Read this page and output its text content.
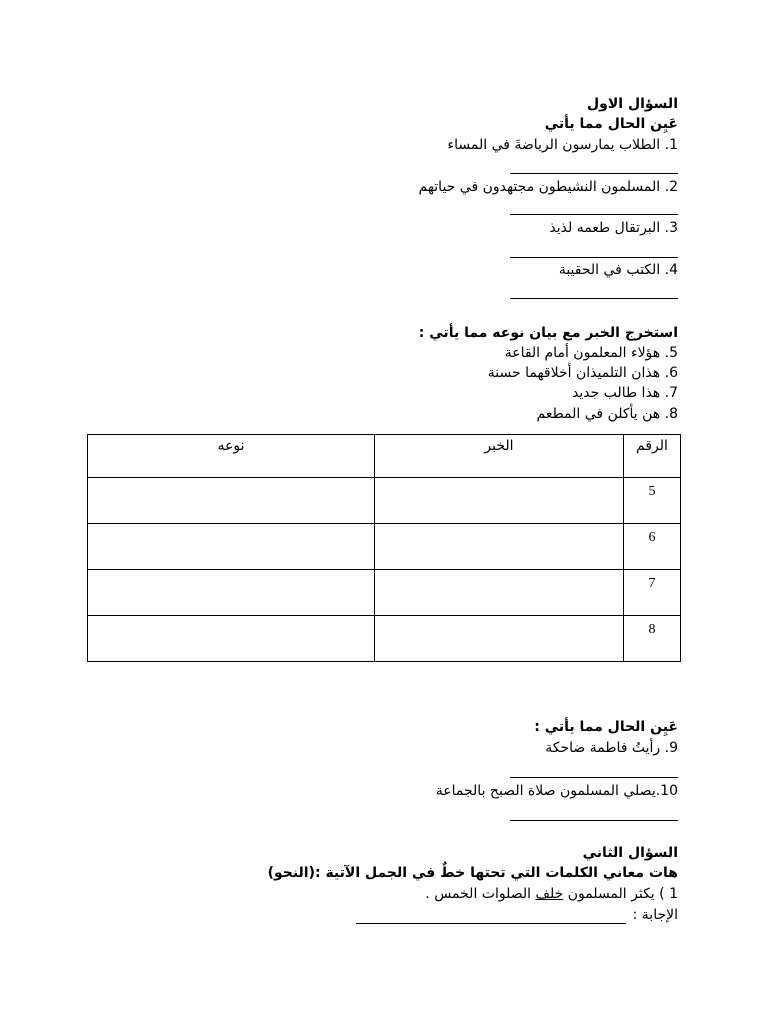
السؤال الاول
عَيِن الحال مما يأتي
1. الطلاب يمارسون الرياضةَ في المساء
2. المسلمون النشيطون مجتهدون في حياتهم
3. البرتقال طعمه لذيذ
4. الكتب في الحقيبة
استخرج الخبر مع بيان نوعه مما يأتي :
5. هؤلاء المعلمون أمام القاعة
6. هذان التلميذان أخلاقهما حسنة
7. هذا طالب جديد
8. هن يأكلن في المطعم
الرقم	الخبر	نوعه
5		
6		
7		
8		
عَيِن الحال مما يأتي :
9. رأيتُ فاطمة ضاحكة
10.يصلي المسلمون صلاة الصبح بالجماعة
السؤال الثاني
هات معاني الكلمات التي تحتها خطٌ في الجمل الآتية :(النحو)
1 ) يكثر المسلمون خلف الصلوات الخمس .
الإجابة :
